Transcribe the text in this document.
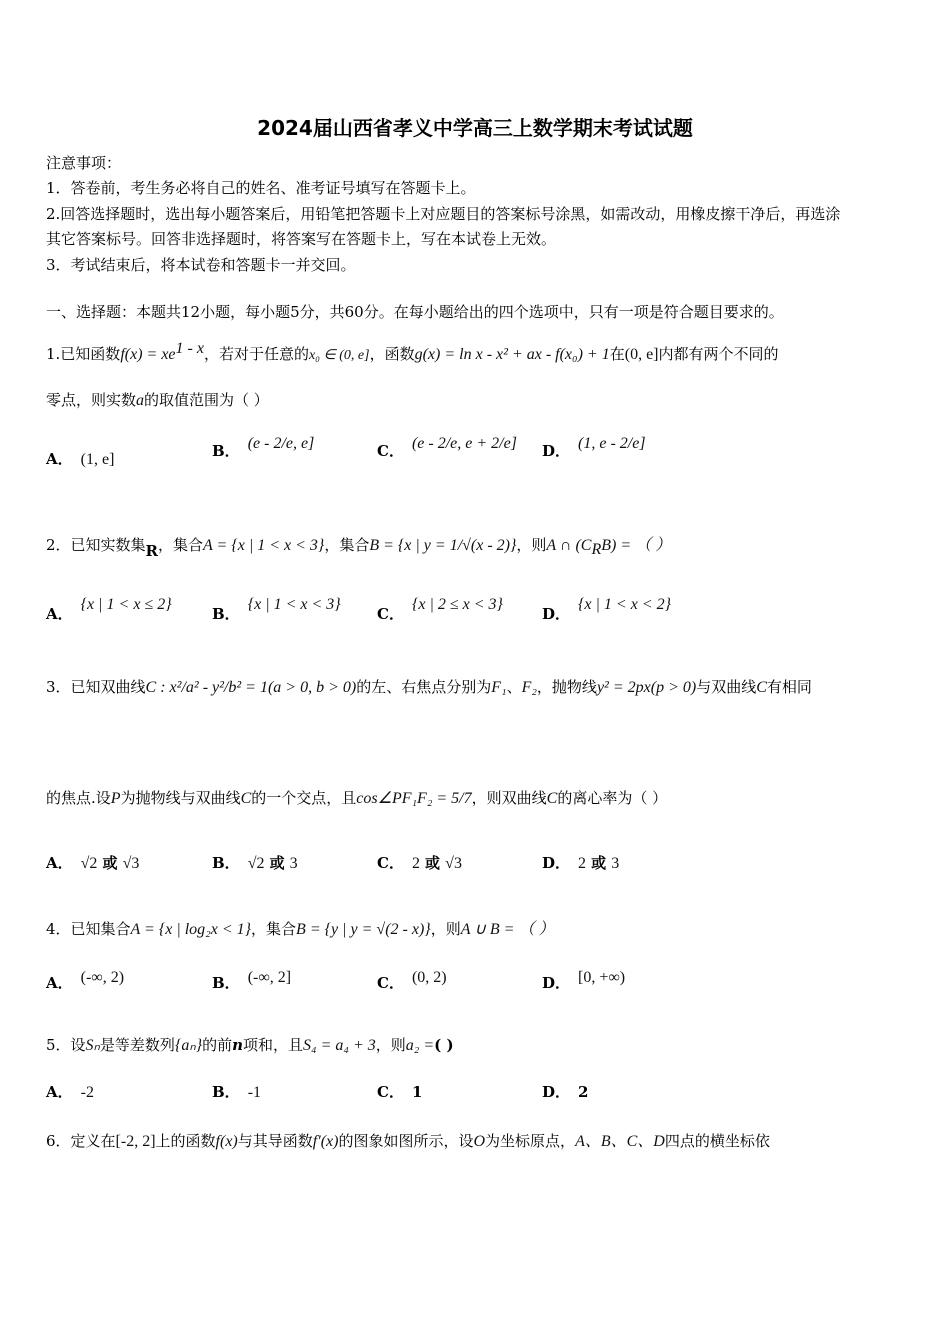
2024届山西省孝义中学高三上数学期末考试试题
注意事项：
1．答卷前，考生务必将自己的姓名、准考证号填写在答题卡上。
2.回答选择题时，选出每小题答案后，用铅笔把答题卡上对应题目的答案标号涂黑，如需改动，用橡皮擦干净后，再选涂
其它答案标号。回答非选择题时，将答案写在答题卡上，写在本试卷上无效。
3．考试结束后，将本试卷和答题卡一并交回。
一、选择题：本题共12小题，每小题5分，共60分。在每小题给出的四个选项中，只有一项是符合题目要求的。
1.已知函数$f(x) = xe^{1 - x}$，若对于任意的x₀ ∈ (0, e]，函数g(x) = ln x - x² + ax - f(x₀) + 1在(0, e]内都有两个不同的
零点，则实数a的取值范围为（ ）
A． (1, e]	B． (e - 2/e, e]	C． (e - 2/e, e + 2/e] D． (1, e - 2/e]
2．已知实数集R，集合A = {x | 1 < x < 3}，集合B = {x | y = 1/√(x - 2)}，则A ∩ $(C_RB)$ = （ ）
A．{x | 1 < x ≤ 2}
B．{x | 1 < x < 3}
C．{x | 2 ≤ x < 3}
D．{x | 1 < x < 2}
3．已知双曲线C : x²/a² - y²/b² = 1(a > 0, b > 0)的左、右焦点分别为F₁、F₂，抛物线y² = 2px(p > 0)与双曲线C有相同
的焦点.设P为抛物线与双曲线C的一个交点，且cos∠PF₁F₂ = 5/7，则双曲线C的离心率为（ ）
A． √2 或 √3	B． √2 或 3	C． 2 或 √3	D． 2 或 3
4．已知集合A = {x | log₂x < 1}，集合B = {y | y = √(2 - x)}，则A ∪ B = （ ）
A． (-∞, 2)	B． (-∞, 2]	C． (0, 2)	D． [0, +∞)
5．设Sₙ是等差数列{aₙ}的前n项和，且S₄ = a₄ + 3，则a₂ =( )
A． -2	B． -1	C． 1	D． 2
6．定义在[-2, 2]上的函数f(x)与其导函数f′(x)的图象如图所示，设O为坐标原点，A、B、C、D四点的横坐标依
